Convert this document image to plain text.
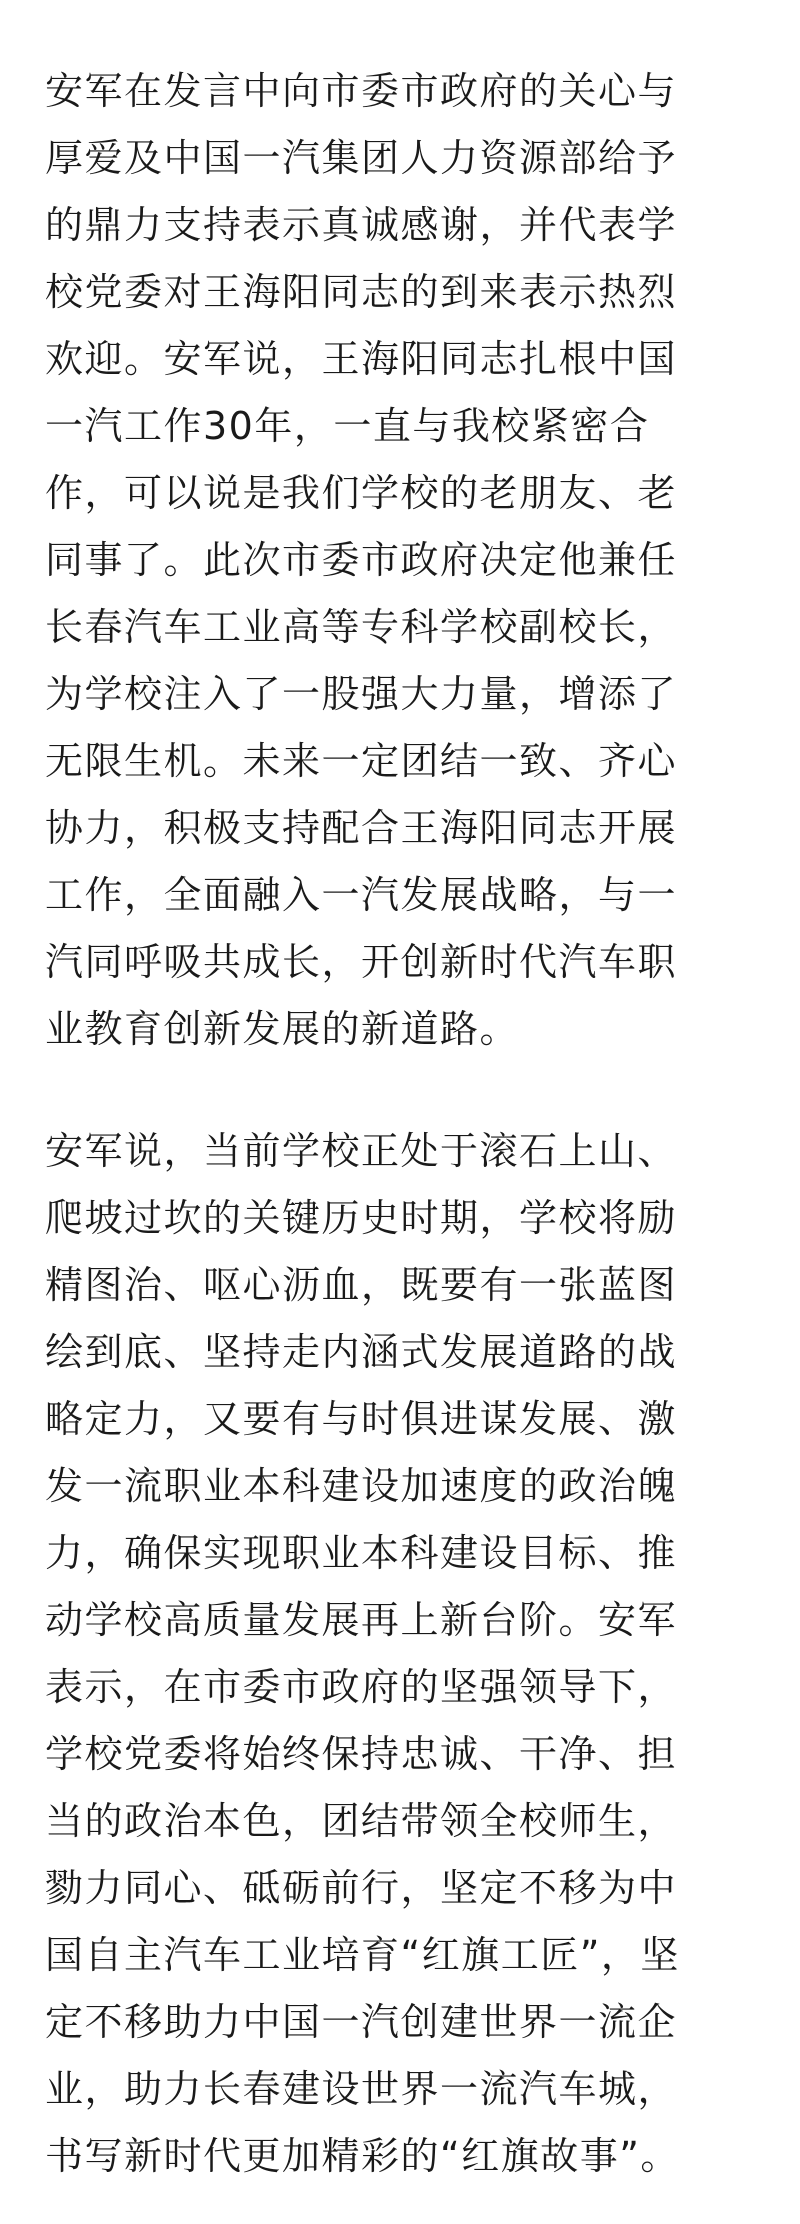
安军在发言中向市委市政府的关心与
厚爱及中国一汽集团人力资源部给予
的鼎力支持表示真诚感谢，并代表学
校党委对王海阳同志的到来表示热烈
欢迎。安军说，王海阳同志扎根中国
一汽工作30年，一直与我校紧密合
作，可以说是我们学校的老朋友、老
同事了。此次市委市政府决定他兼任
长春汽车工业高等专科学校副校长，
为学校注入了一股强大力量，增添了
无限生机。未来一定团结一致、齐心
协力，积极支持配合王海阳同志开展
工作，全面融入一汽发展战略，与一
汽同呼吸共成长，开创新时代汽车职
业教育创新发展的新道路。
安军说，当前学校正处于滚石上山、
爬坡过坎的关键历史时期，学校将励
精图治、呕心沥血，既要有一张蓝图
绘到底、坚持走内涵式发展道路的战
略定力，又要有与时俱进谋发展、激
发一流职业本科建设加速度的政治魄
力，确保实现职业本科建设目标、推
动学校高质量发展再上新台阶。安军
表示，在市委市政府的坚强领导下，
学校党委将始终保持忠诚、干净、担
当的政治本色，团结带领全校师生，
勠力同心、砥砺前行，坚定不移为中
国自主汽车工业培育“红旗工匠”，坚
定不移助力中国一汽创建世界一流企
业，助力长春建设世界一流汽车城，
书写新时代更加精彩的“红旗故事”。
